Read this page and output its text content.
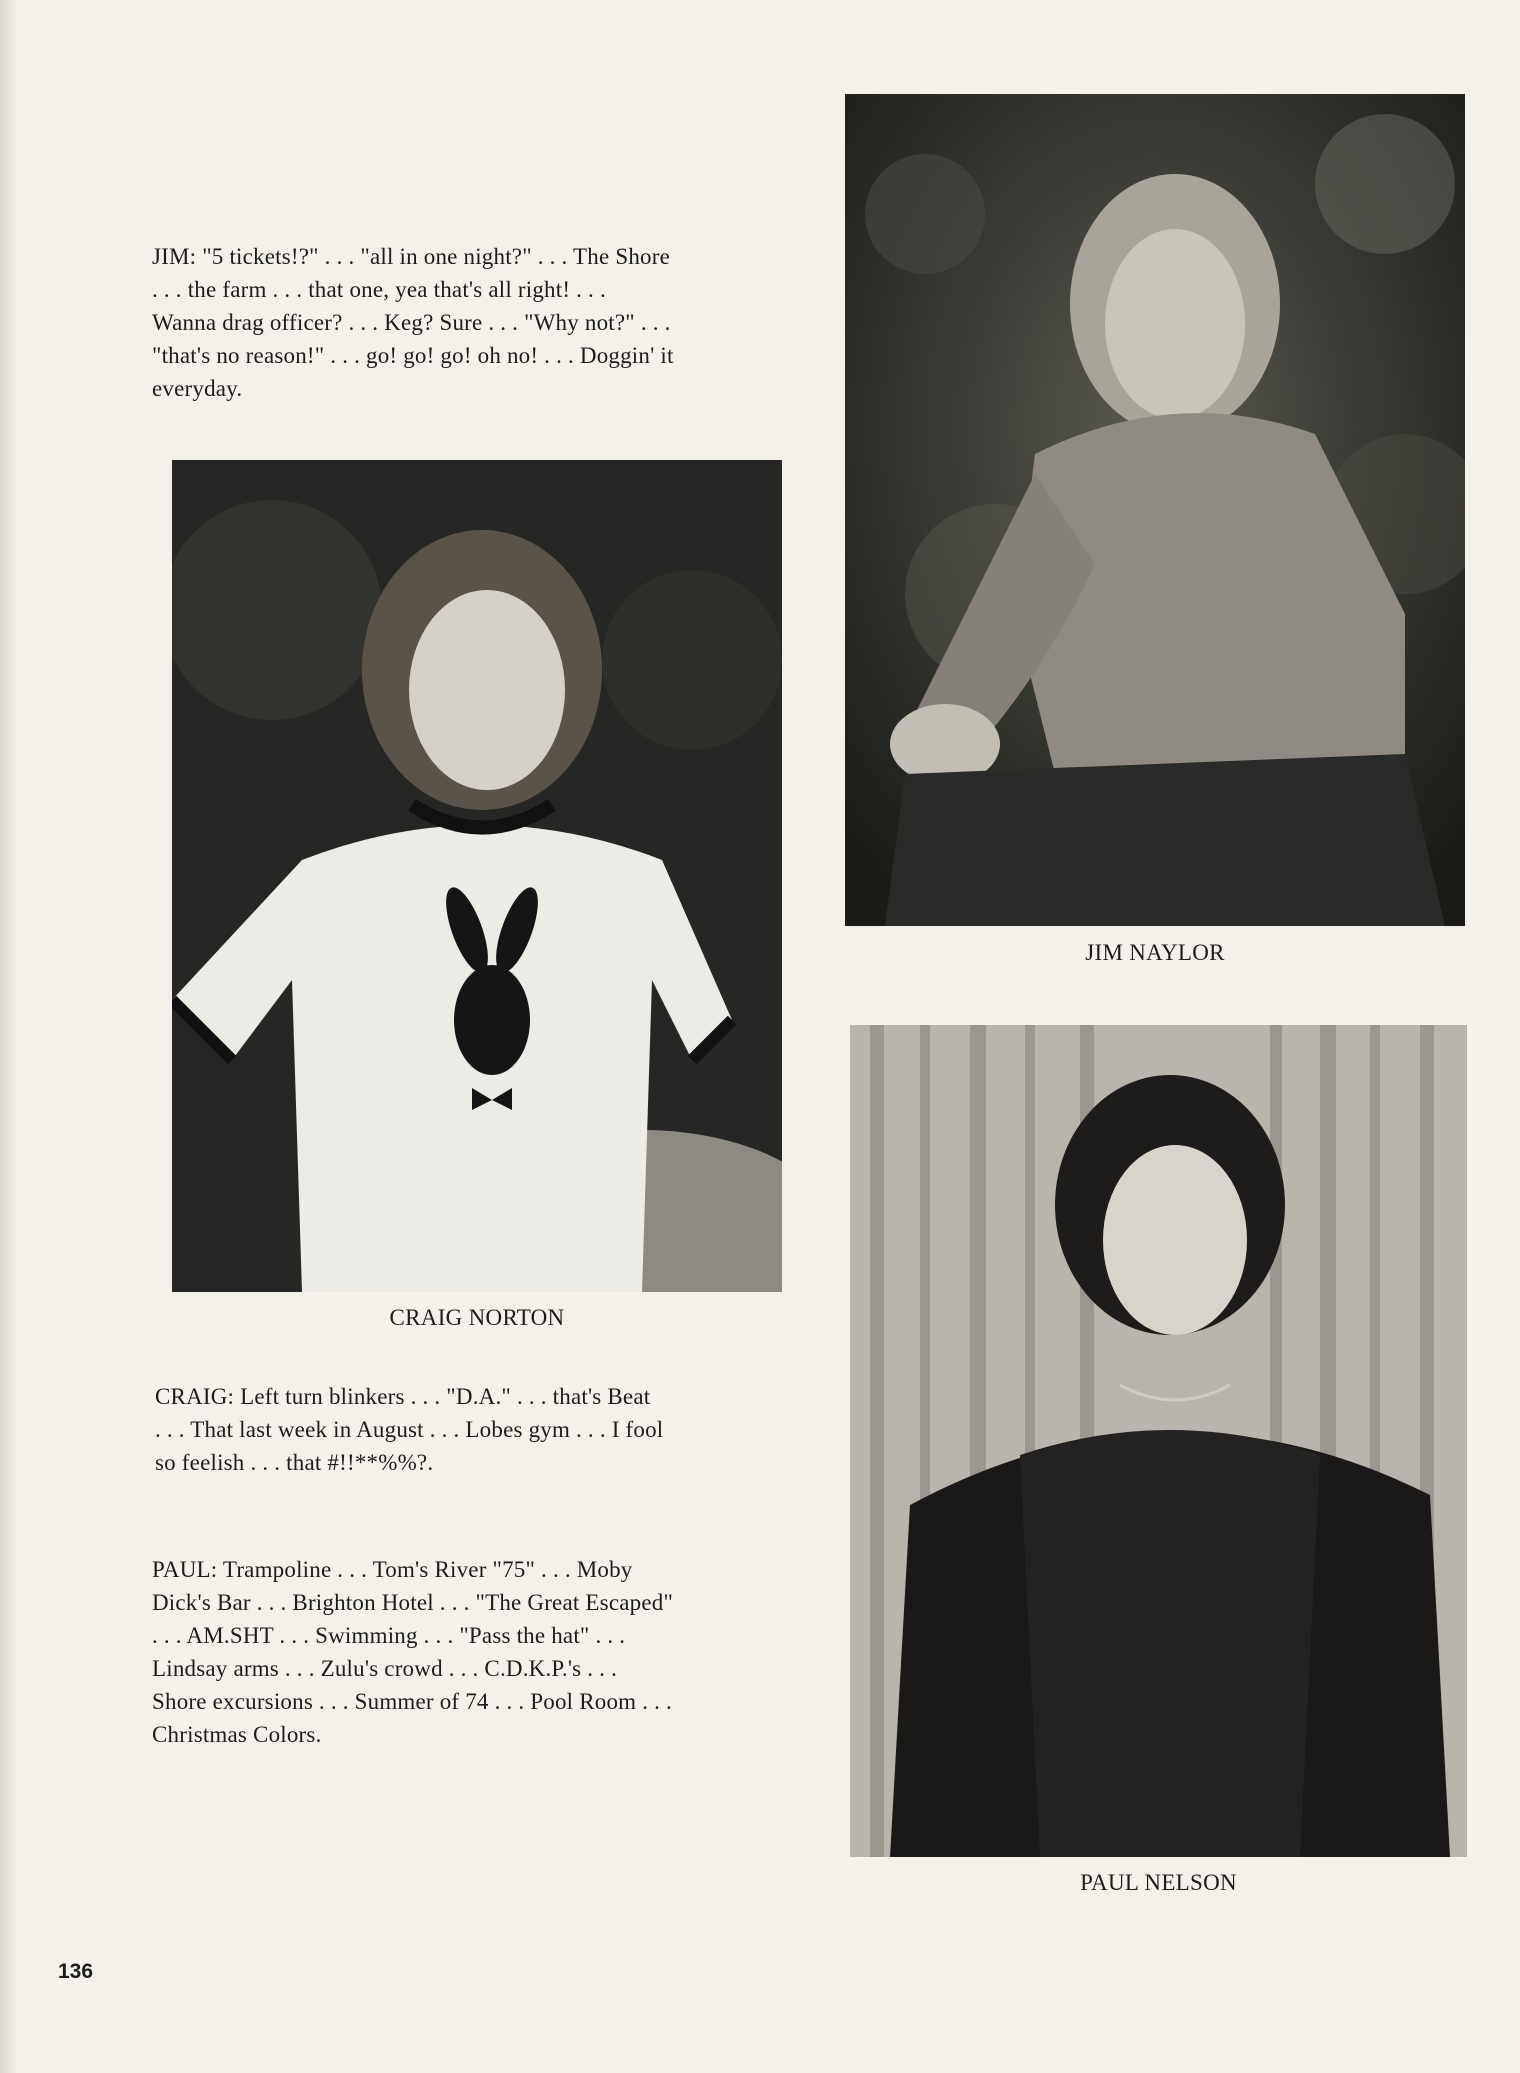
JIM: "5 tickets!?" . . . "all in one night?" . . . The Shore
. . . the farm . . . that one, yea that's all right! . . .
Wanna drag officer? . . . Keg? Sure . . . "Why not?" . . .
"that's no reason!" . . . go! go! go! oh no! . . . Doggin' it
everyday.
JIM NAYLOR
CRAIG NORTON
CRAIG: Left turn blinkers . . . "D.A." . . . that's Beat
. . . That last week in August . . . Lobes gym . . . I fool
so feelish . . . that #!!**%%?.
PAUL: Trampoline . . . Tom's River "75" . . . Moby
Dick's Bar . . . Brighton Hotel . . . "The Great Escaped"
. . . AM.SHT . . . Swimming . . . "Pass the hat" . . .
Lindsay arms . . . Zulu's crowd . . . C.D.K.P.'s . . .
Shore excursions . . . Summer of 74 . . . Pool Room . . .
Christmas Colors.
PAUL NELSON
136
